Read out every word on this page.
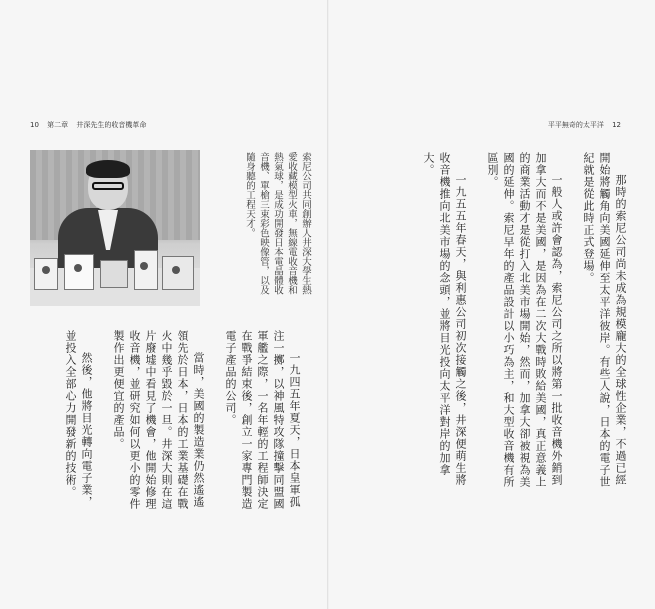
10 第二章 井深先生的收音機革命	平平無奇的太平洋 12

那時的索尼公司尚未成為規模龐大的全球性企業，不過已經開始將觸角向美國延伸至太平洋彼岸。有些人說，日本的電子世紀就是從此時正式登場。

一般人或許會認為，索尼公司之所以將第一批收音機外銷到加拿大而不是美國，是因為在二次大戰時敗給美國，真正意義上的商業活動才是從打入北美市場開始，然而，加拿大卻被視為美國的延伸。索尼早年的產品設計以小巧為主，和大型收音機有所區別。

一九五五年春天，與利惠公司初次接觸之後，井深便萌生將收音機推向北美市場的念頭，並將目光投向太平洋對岸的加拿大。

索尼公司共同創辦人井深大學生熱愛收藏模型火車，無線電收音機和熱氣球，是成功開發日本電晶體收音機、單槍三束彩色映像管，以及隨身聽的工程天才。

一九四五年夏天，日本皇軍孤注一擲，以神風特攻隊撞擊同盟國軍艦之際，一名年輕的工程師決定在戰爭結束後，創立一家專門製造電子產品的公司。

當時，美國的製造業仍然遙遙領先於日本，日本的工業基礎在戰火中幾乎毀於一旦。井深大則在這片廢墟中看見了機會，他開始修理收音機，並研究如何以更小的零件製作出更便宜的產品。

然後，他將目光轉向電子業，並投入全部心力開發新的技術。
